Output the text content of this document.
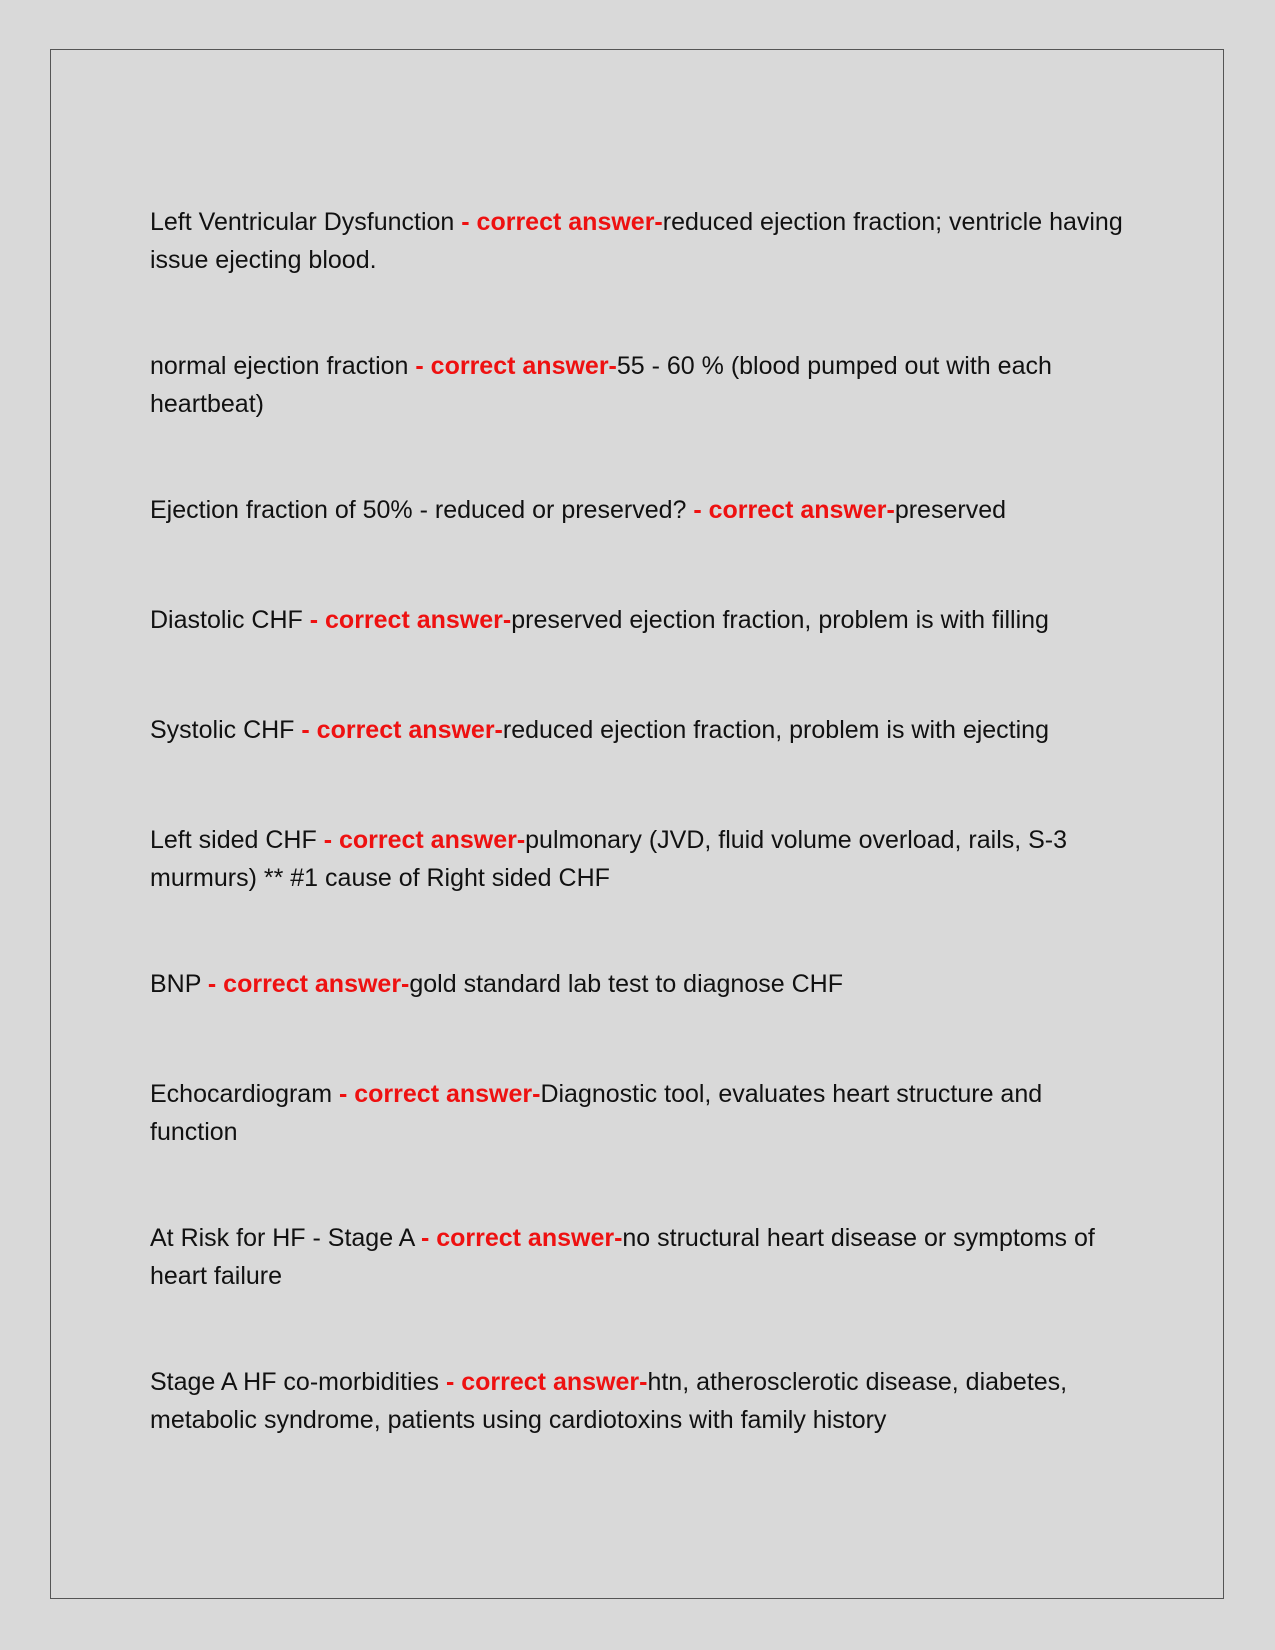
Left Ventricular Dysfunction - correct answer-reduced ejection fraction; ventricle having issue ejecting blood.

normal ejection fraction - correct answer-55 - 60 % (blood pumped out with each heartbeat)

Ejection fraction of 50% - reduced or preserved? - correct answer-preserved

Diastolic CHF - correct answer-preserved ejection fraction, problem is with filling

Systolic CHF - correct answer-reduced ejection fraction, problem is with ejecting

Left sided CHF - correct answer-pulmonary (JVD, fluid volume overload, rails, S-3 murmurs) ** #1 cause of Right sided CHF

BNP - correct answer-gold standard lab test to diagnose CHF

Echocardiogram - correct answer-Diagnostic tool, evaluates heart structure and function

At Risk for HF - Stage A - correct answer-no structural heart disease or symptoms of heart failure

Stage A HF co-morbidities - correct answer-htn, atherosclerotic disease, diabetes, metabolic syndrome, patients using cardiotoxins with family history
